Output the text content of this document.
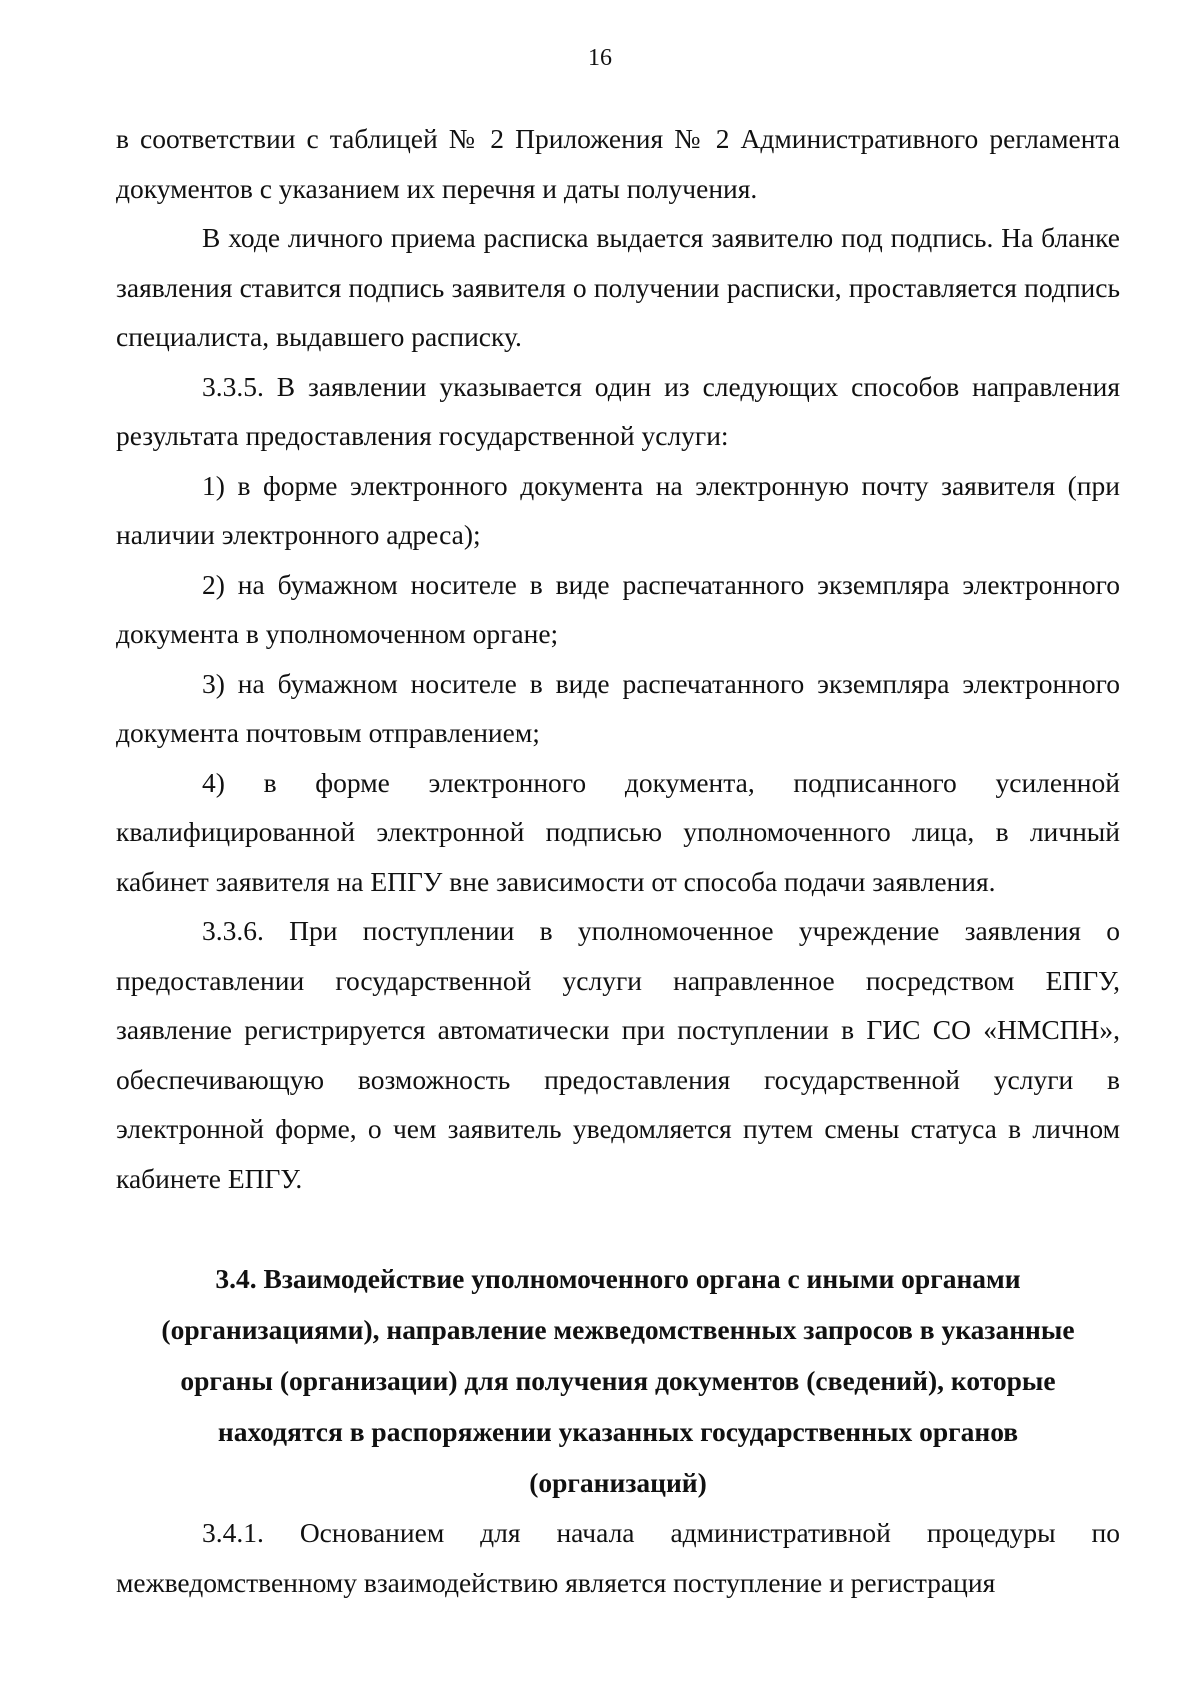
16

в соответствии с таблицей № 2 Приложения № 2 Административного регламента документов с указанием их перечня и даты получения.

В ходе личного приема расписка выдается заявителю под подпись. На бланке заявления ставится подпись заявителя о получении расписки, проставляется подпись специалиста, выдавшего расписку.

3.3.5. В заявлении указывается один из следующих способов направления результата предоставления государственной услуги:

1) в форме электронного документа на электронную почту заявителя (при наличии электронного адреса);

2) на бумажном носителе в виде распечатанного экземпляра электронного документа в уполномоченном органе;

3) на бумажном носителе в виде распечатанного экземпляра электронного документа почтовым отправлением;

4) в форме электронного документа, подписанного усиленной квалифицированной электронной подписью уполномоченного лица, в личный кабинет заявителя на ЕПГУ вне зависимости от способа подачи заявления.

3.3.6. При поступлении в уполномоченное учреждение заявления о предоставлении государственной услуги направленное посредством ЕПГУ, заявление регистрируется автоматически при поступлении в ГИС СО «НМСПН», обеспечивающую возможность предоставления государственной услуги в электронной форме, о чем заявитель уведомляется путем смены статуса в личном кабинете ЕПГУ.

3.4. Взаимодействие уполномоченного органа с иными органами
(организациями), направление межведомственных запросов в указанные
органы (организации) для получения документов (сведений), которые
находятся в распоряжении указанных государственных органов
(организаций)

3.4.1. Основанием для начала административной процедуры по межведомственному взаимодействию является поступление и регистрация
